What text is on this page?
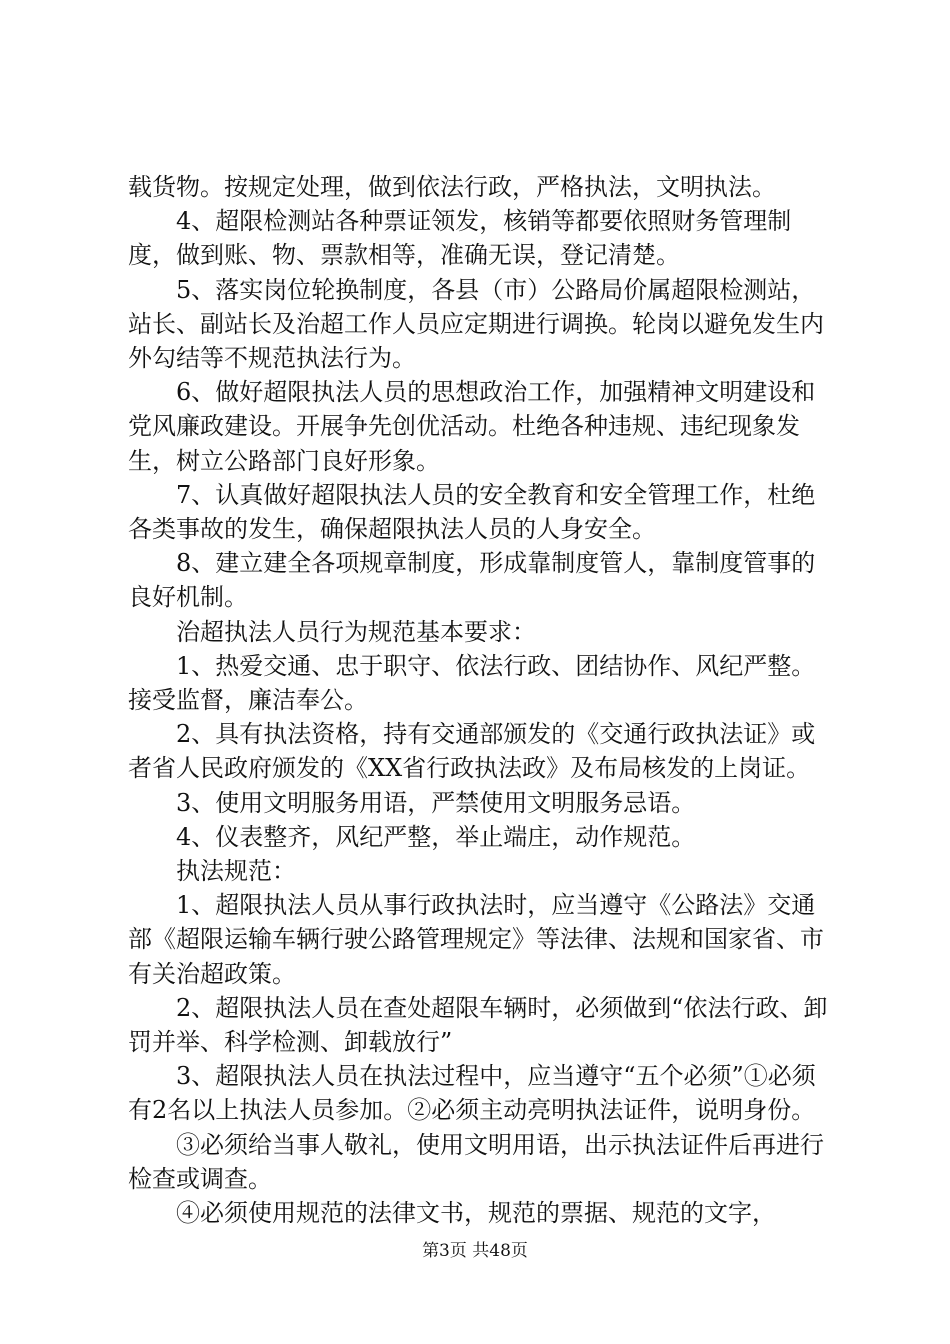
载货物。按规定处理，做到依法行政，严格执法，文明执法。

4、超限检测站各种票证领发，核销等都要依照财务管理制度，做到账、物、票款相等，准确无误，登记清楚。

5、落实岗位轮换制度，各县（市）公路局价属超限检测站，站长、副站长及治超工作人员应定期进行调换。轮岗以避免发生内外勾结等不规范执法行为。

6、做好超限执法人员的思想政治工作，加强精神文明建设和党风廉政建设。开展争先创优活动。杜绝各种违规、违纪现象发生，树立公路部门良好形象。

7、认真做好超限执法人员的安全教育和安全管理工作，杜绝各类事故的发生，确保超限执法人员的人身安全。

8、建立建全各项规章制度，形成靠制度管人，靠制度管事的良好机制。

治超执法人员行为规范基本要求：

1、热爱交通、忠于职守、依法行政、团结协作、风纪严整。接受监督，廉洁奉公。

2、具有执法资格，持有交通部颁发的《交通行政执法证》或者省人民政府颁发的《XX省行政执法政》及布局核发的上岗证。

3、使用文明服务用语，严禁使用文明服务忌语。

4、仪表整齐，风纪严整，举止端庄，动作规范。

执法规范：

1、超限执法人员从事行政执法时，应当遵守《公路法》交通部《超限运输车辆行驶公路管理规定》等法律、法规和国家省、市有关治超政策。

2、超限执法人员在查处超限车辆时，必须做到“依法行政、卸罚并举、科学检测、卸载放行”

3、超限执法人员在执法过程中，应当遵守“五个必须”①必须有2名以上执法人员参加。②必须主动亮明执法证件，说明身份。

③必须给当事人敬礼，使用文明用语，出示执法证件后再进行检查或调查。

④必须使用规范的法律文书，规范的票据、规范的文字，

第3页 共48页
